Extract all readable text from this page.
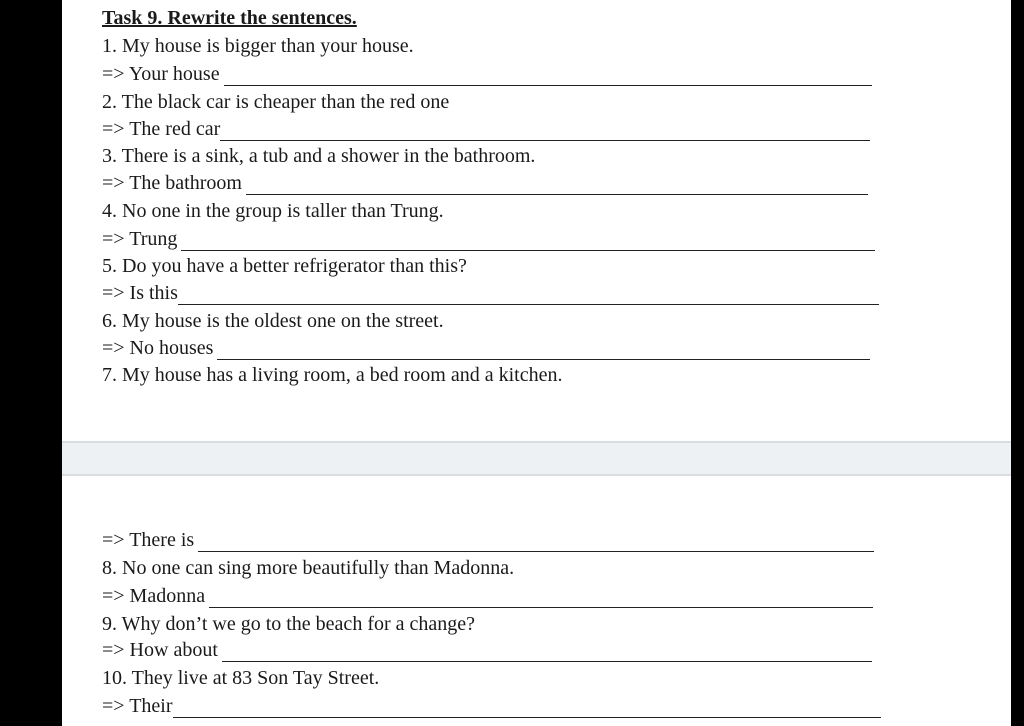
Task 9. Rewrite the sentences.
1. My house is bigger than your house.
=> Your house
2. The black car is cheaper than the red one
=> The red car
3. There is a sink, a tub and a shower in the bathroom.
=> The bathroom
4. No one in the group is taller than Trung.
=> Trung
5. Do you have a better refrigerator than this?
=> Is this
6. My house is the oldest one on the street.
=> No houses
7. My house has a living room, a bed room and a kitchen.
=> There is
8. No one can sing more beautifully than Madonna.
=> Madonna
9. Why don’t we go to the beach for a change?
=> How about
10. They live at 83 Son Tay Street.
=> Their
